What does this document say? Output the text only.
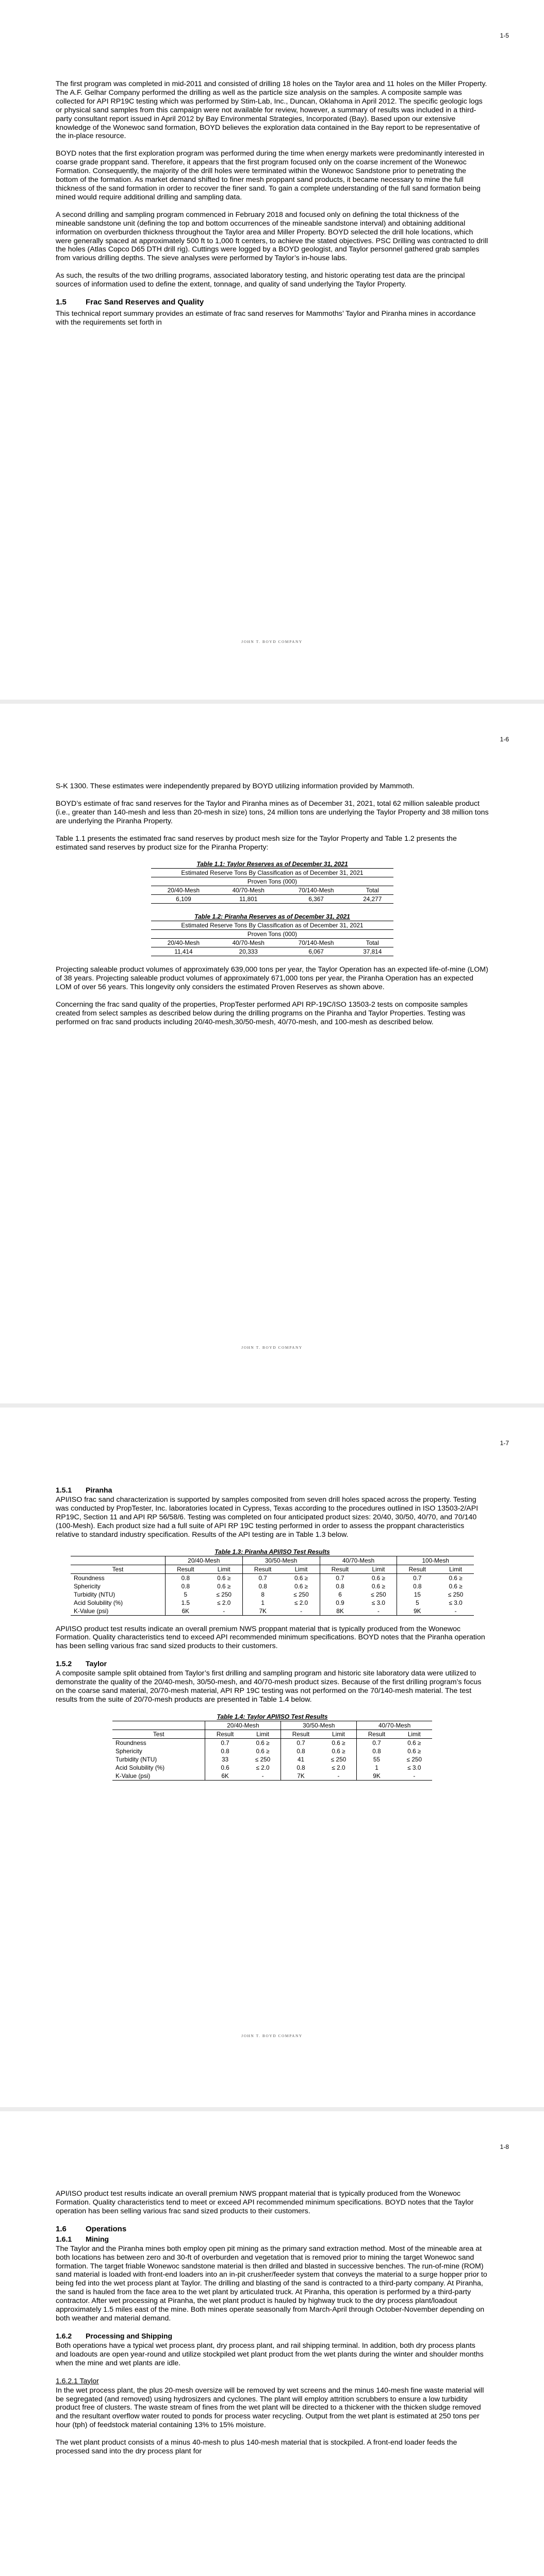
1-5

The first program was completed in mid-2011 and consisted of drilling 18 holes on the Taylor area and 11 holes on the Miller Property. The A.F. Gelhar Company performed the drilling as well as the particle size analysis on the samples. A composite sample was collected for API RP19C testing which was performed by Stim-Lab, Inc., Duncan, Oklahoma in April 2012. The specific geologic logs or physical sand samples from this campaign were not available for review, however, a summary of results was included in a third-party consultant report issued in April 2012 by Bay Environmental Strategies, Incorporated (Bay). Based upon our extensive knowledge of the Wonewoc sand formation, BOYD believes the exploration data contained in the Bay report to be representative of the in-place resource.

BOYD notes that the first exploration program was performed during the time when energy markets were predominantly interested in coarse grade proppant sand. Therefore, it appears that the first program focused only on the coarse increment of the Wonewoc Formation. Consequently, the majority of the drill holes were terminated within the Wonewoc Sandstone prior to penetrating the bottom of the formation. As market demand shifted to finer mesh proppant sand products, it became necessary to mine the full thickness of the sand formation in order to recover the finer sand. To gain a complete understanding of the full sand formation being mined would require additional drilling and sampling data.

A second drilling and sampling program commenced in February 2018 and focused only on defining the total thickness of the mineable sandstone unit (defining the top and bottom occurrences of the mineable sandstone interval) and obtaining additional information on overburden thickness throughout the Taylor area and Miller Property. BOYD selected the drill hole locations, which were generally spaced at approximately 500 ft to 1,000 ft centers, to achieve the stated objectives. PSC Drilling was contracted to drill the holes (Atlas Copco D65 DTH drill rig). Cuttings were logged by a BOYD geologist, and Taylor personnel gathered grab samples from various drilling depths. The sieve analyses were performed by Taylor’s in-house labs.

As such, the results of the two drilling programs, associated laboratory testing, and historic operating test data are the principal sources of information used to define the extent, tonnage, and quality of sand underlying the Taylor Property.

1.5	Frac Sand Reserves and Quality

This technical report summary provides an estimate of frac sand reserves for Mammoths’ Taylor and Piranha mines in accordance with the requirements set forth in

JOHN T. BOYD COMPANY
1-6

S-K 1300. These estimates were independently prepared by BOYD utilizing information provided by Mammoth.

BOYD’s estimate of frac sand reserves for the Taylor and Piranha mines as of December 31, 2021, total 62 million saleable product (i.e., greater than 140-mesh and less than 20-mesh in size) tons, 24 million tons are underlying the Taylor Property and 38 million tons are underlying the Piranha Property.

Table 1.1 presents the estimated frac sand reserves by product mesh size for the Taylor Property and Table 1.2 presents the estimated sand reserves by product size for the Piranha Property:

Table 1.1: Taylor Reserves as of December 31, 2021
Estimated Reserve Tons By Classification as of December 31, 2021			
Proven Tons (000)			
20/40-Mesh	40/70-Mesh	70/140-Mesh	Total
6,109	11,801	6,367	24,277
Table 1.2: Piranha Reserves as of December 31, 2021
Estimated Reserve Tons By Classification as of December 31, 2021			
Proven Tons (000)			
20/40-Mesh	40/70-Mesh	70/140-Mesh	Total
11,414	20,333	6,067	37,814

Projecting saleable product volumes of approximately 639,000 tons per year, the Taylor Operation has an expected life-of-mine (LOM) of 38 years. Projecting saleable product volumes of approximately 671,000 tons per year, the Piranha Operation has an expected LOM of over 56 years. This longevity only considers the estimated Proven Reserves as shown above.

Concerning the frac sand quality of the properties, PropTester performed API RP-19C/ISO 13503-2 tests on composite samples created from select samples as described below during the drilling programs on the Piranha and Taylor Properties. Testing was performed on frac sand products including 20/40-mesh,30/50-mesh, 40/70-mesh, and 100-mesh as described below.

JOHN T. BOYD COMPANY
1-7
1.5.1	Piranha

API/ISO frac sand characterization is supported by samples composited from seven drill holes spaced across the property. Testing was conducted by PropTester, Inc. laboratories located in Cypress, Texas according to the procedures outlined in ISO 13503-2/API RP19C, Section 11 and API RP 56/58/6. Testing was completed on four anticipated product sizes: 20/40, 30/50, 40/70, and 70/140 (100-Mesh). Each product size had a full suite of API RP 19C testing performed in order to assess the proppant characteristics relative to standard industry specification. Results of the API testing are in Table 1.3 below.

Table 1.3: Piranha API/ISO Test Results
	20/40-Mesh		30/50-Mesh		40/70-Mesh		100-Mesh	
Test	Result	Limit	Result	Limit	Result	Limit	Result	Limit
Roundness	0.8	0.6 ≥	0.7	0.6 ≥	0.7	0.6 ≥	0.7	0.6 ≥
Sphericity	0.8	0.6 ≥	0.8	0.6 ≥	0.8	0.6 ≥	0.8	0.6 ≥
Turbidity (NTU)	5	≤ 250	8	≤ 250	6	≤ 250	15	≤ 250
Acid Solubility (%)	1.5	≤ 2.0	1	≤ 2.0	0.9	≤ 3.0	5	≤ 3.0
K-Value (psi)	6K	-	7K	-	8K	-	9K	-

API/ISO product test results indicate an overall premium NWS proppant material that is typically produced from the Wonewoc Formation. Quality characteristics tend to exceed API recommended minimum specifications. BOYD notes that the Piranha operation has been selling various frac sand sized products to their customers.

1.5.2	Taylor

A composite sample split obtained from Taylor’s first drilling and sampling program and historic site laboratory data were utilized to demonstrate the quality of the 20/40-mesh, 30/50-mesh, and 40/70-mesh product sizes. Because of the first drilling program’s focus on the coarse sand material, 20/70-mesh material, API RP 19C testing was not performed on the 70/140-mesh material. The test results from the suite of 20/70-mesh products are presented in Table 1.4 below.

Table 1.4: Taylor API/ISO Test Results
	20/40-Mesh		30/50-Mesh		40/70-Mesh	
Test	Result	Limit	Result	Limit	Result	Limit
Roundness	0.7	0.6 ≥	0.7	0.6 ≥	0.7	0.6 ≥
Sphericity	0.8	0.6 ≥	0.8	0.6 ≥	0.8	0.6 ≥
Turbidity (NTU)	33	≤ 250	41	≤ 250	55	≤ 250
Acid Solubility (%)	0.6	≤ 2.0	0.8	≤ 2.0	1	≤ 3.0
K-Value (psi)	6K	-	7K	-	9K	-
JOHN T. BOYD COMPANY
1-8

API/ISO product test results indicate an overall premium NWS proppant material that is typically produced from the Wonewoc Formation. Quality characteristics tend to meet or exceed API recommended minimum specifications. BOYD notes that the Taylor operation has been selling various frac sand sized products to their customers.

1.6	Operations
1.6.1	Mining

The Taylor and the Piranha mines both employ open pit mining as the primary sand extraction method. Most of the mineable area at both locations has between zero and 30-ft of overburden and vegetation that is removed prior to mining the target Wonewoc sand formation. The target friable Wonewoc sandstone material is then drilled and blasted in successive benches. The run-of-mine (ROM) sand material is loaded with front-end loaders into an in-pit crusher/feeder system that conveys the material to a surge hopper prior to being fed into the wet process plant at Taylor. The drilling and blasting of the sand is contracted to a third-party company. At Piranha, the sand is hauled from the face area to the wet plant by articulated truck. At Piranha, this operation is performed by a third-party contractor. After wet processing at Piranha, the wet plant product is hauled by highway truck to the dry process plant/loadout approximately 1.5 miles east of the mine. Both mines operate seasonally from March-April through October-November depending on both weather and material demand.

1.6.2	Processing and Shipping

Both operations have a typical wet process plant, dry process plant, and rail shipping terminal. In addition, both dry process plants and loadouts are open year-round and utilize stockpiled wet plant product from the wet plants during the winter and shoulder months when the mine and wet plants are idle.

1.6.2.1 Taylor

In the wet process plant, the plus 20-mesh oversize will be removed by wet screens and the minus 140-mesh fine waste material will be segregated (and removed) using hydrosizers and cyclones. The plant will employ attrition scrubbers to ensure a low turbidity product free of clusters. The waste stream of fines from the wet plant will be directed to a thickener with the thicken sludge removed and the resultant overflow water routed to ponds for process water recycling. Output from the wet plant is estimated at 250 tons per hour (tph) of feedstock material containing 13% to 15% moisture.

The wet plant product consists of a minus 40-mesh to plus 140-mesh material that is stockpiled. A front-end loader feeds the processed sand into the dry process plant for
